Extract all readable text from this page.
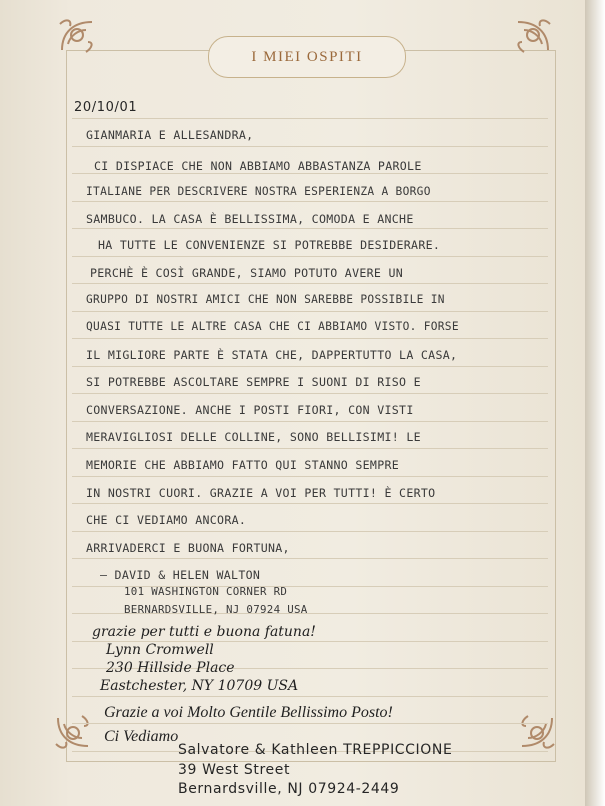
I MIEI OSPITI
20/10/01
GIANMARIA E ALLESANDRA,
CI DISPIACE CHE NON ABBIAMO ABBASTANZA PAROLE
ITALIANE PER DESCRIVERE NOSTRA ESPERIENZA A BORGO
SAMBUCO. LA CASA È BELLISSIMA, COMODA E ANCHE
HA TUTTE LE CONVENIENZE SI POTREBBE DESIDERARE.
PERCHÈ È COSÌ GRANDE, SIAMO POTUTO AVERE UN
GRUPPO DI NOSTRI AMICI CHE NON SAREBBE POSSIBILE IN
QUASI TUTTE LE ALTRE CASA CHE CI ABBIAMO VISTO. FORSE
IL MIGLIORE PARTE È STATA CHE, DAPPERTUTTO LA CASA,
SI POTREBBE ASCOLTARE SEMPRE I SUONI DI RISO E
CONVERSAZIONE. ANCHE I POSTI FIORI, CON VISTI
MERAVIGLIOSI DELLE COLLINE, SONO BELLISIMI! LE
MEMORIE CHE ABBIAMO FATTO QUI STANNO SEMPRE
IN NOSTRI CUORI. GRAZIE A VOI PER TUTTI! È CERTO
CHE CI VEDIAMO ANCORA.
ARRIVADERCI E BUONA FORTUNA,
— DAVID & HELEN WALTON
101 WASHINGTON CORNER RD
BERNARDSVILLE, NJ 07924 USA
grazie per tutti e buona fatuna!
Lynn Cromwell
230 Hillside Place
Eastchester, NY 10709 USA
Grazie a voi Molto Gentile Bellissimo Posto!
Ci Vediamo
Salvatore & Kathleen TREPPICCIONE
39 West Street
Bernardsville, NJ 07924-2449
